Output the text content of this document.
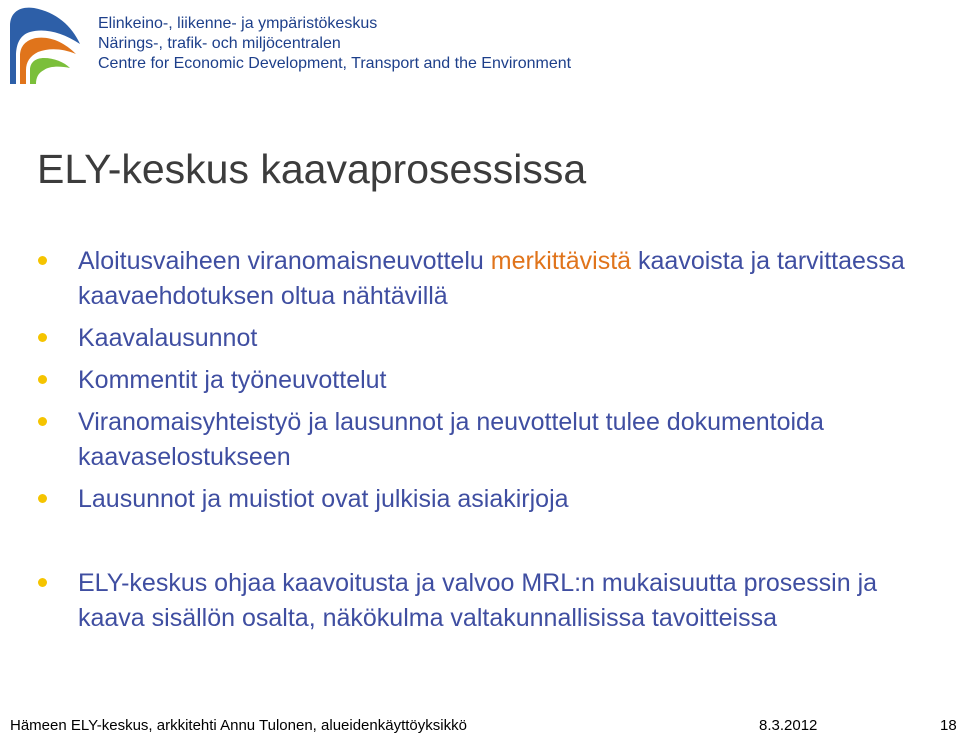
Elinkeino-, liikenne- ja ympäristökeskus
Närings-, trafik- och miljöcentralen
Centre for Economic Development, Transport and the Environment
ELY-keskus kaavaprosessissa
Aloitusvaiheen viranomaisneuvottelu merkittävistä kaavoista ja tarvittaessa kaavaehdotuksen oltua nähtävillä
Kaavalausunnot
Kommentit ja työneuvottelut
Viranomaisyhteistyö ja lausunnot ja neuvottelut tulee dokumentoida kaavaselostukseen
Lausunnot ja muistiot ovat julkisia asiakirjoja
ELY-keskus ohjaa kaavoitusta ja valvoo MRL:n mukaisuutta prosessin ja kaava sisällön osalta, näkökulma valtakunnallisissa tavoitteissa
Hämeen ELY-keskus, arkkitehti Annu Tulonen, alueidenkäyttöyksikkö	8.3.2012	18
